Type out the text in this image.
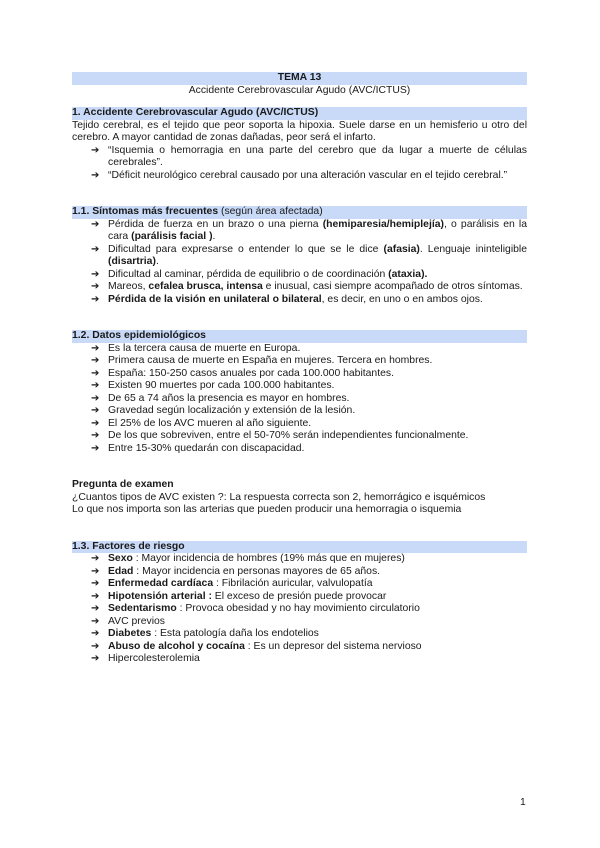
TEMA 13
Accidente Cerebrovascular Agudo (AVC/ICTUS)
1. Accidente Cerebrovascular Agudo (AVC/ICTUS)
Tejido cerebral, es el tejido que peor soporta la hipoxia. Suele darse en un hemisferio u otro del cerebro. A mayor cantidad de zonas dañadas, peor será el infarto.
➔ “Isquemia o hemorragia en una parte del cerebro que da lugar a muerte de células cerebrales”.
➔ “Déficit neurológico cerebral causado por una alteración vascular en el tejido cerebral.”
1.1. Síntomas más frecuentes (según área afectada)
➔ Pérdida de fuerza en un brazo o una pierna (hemiparesia/hemiplejía), o parálisis en la cara (parálisis facial ).
➔ Dificultad para expresarse o entender lo que se le dice (afasia). Lenguaje ininteligible (disartria).
➔ Dificultad al caminar, pérdida de equilibrio o de coordinación (ataxia).
➔ Mareos, cefalea brusca, intensa e inusual, casi siempre acompañado de otros síntomas.
➔ Pérdida de la visión en unilateral o bilateral, es decir, en uno o en ambos ojos.
1.2. Datos epidemiológicos
➔ Es la tercera causa de muerte en Europa.
➔ Primera causa de muerte en España en mujeres. Tercera en hombres.
➔ España: 150-250 casos anuales por cada 100.000 habitantes.
➔ Existen 90 muertes por cada 100.000 habitantes.
➔ De 65 a 74 años la presencia es mayor en hombres.
➔ Gravedad según localización y extensión de la lesión.
➔ El 25% de los AVC mueren al año siguiente.
➔ De los que sobreviven, entre el 50-70% serán independientes funcionalmente.
➔ Entre 15-30% quedarán con discapacidad.
Pregunta de examen
¿Cuantos tipos de AVC existen ?: La respuesta correcta son 2, hemorrágico e isquémicos
Lo que nos importa son las arterias que pueden producir una hemorragia o isquemia
1.3. Factores de riesgo
➔ Sexo : Mayor incidencia de hombres (19% más que en mujeres)
➔ Edad : Mayor incidencia en personas mayores de 65 años.
➔ Enfermedad cardíaca : Fibrilación auricular, valvulopatía
➔ Hipotensión arterial : El exceso de presión puede provocar
➔ Sedentarismo : Provoca obesidad y no hay movimiento circulatorio
➔ AVC previos
➔ Diabetes : Esta patología daña los endotelios
➔ Abuso de alcohol y cocaína : Es un depresor del sistema nervioso
➔ Hipercolesterolemia
1
